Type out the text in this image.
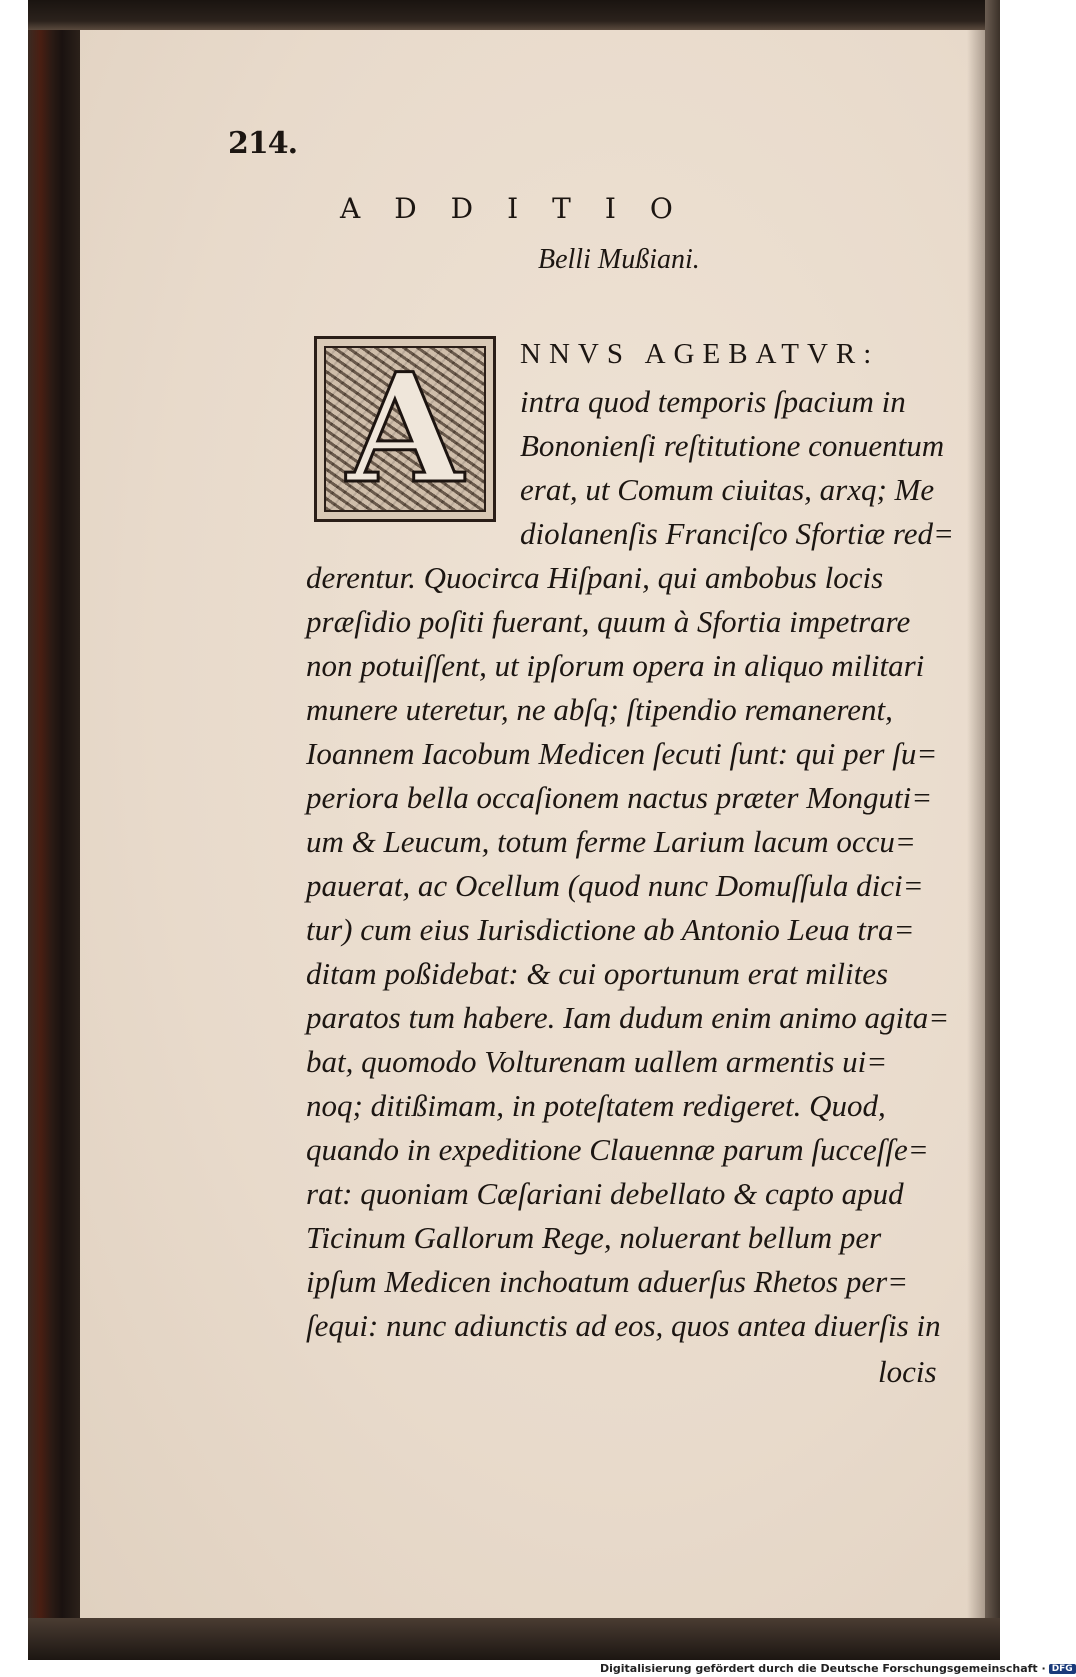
214.
ADDITIO
Belli Mußiani.
A	NNVS AGEBATVR:
intra quod temporis ſpacium in
Bononienſi reſtitutione conuentum
erat, ut Comum ciuitas, arxq; Me
diolanenſis Franciſco Sfortiæ red=
derentur. Quocirca Hiſpani, qui ambobus locis
præſidio poſiti fuerant, quum à Sfortia impetrare
non potuiſſent, ut ipſorum opera in aliquo militari
munere uteretur, ne abſq; ſtipendio remanerent,
Ioannem Iacobum Medicen ſecuti ſunt: qui per ſu=
periora bella occaſionem nactus præter Monguti=
um & Leucum, totum ferme Larium lacum occu=
pauerat, ac Ocellum (quod nunc Domuſſula dici=
tur) cum eius Iurisdictione ab Antonio Leua tra=
ditam poßidebat: & cui oportunum erat milites
paratos tum habere. Iam dudum enim animo agita=
bat, quomodo Volturenam uallem armentis ui=
noq; ditißimam, in poteſtatem redigeret. Quod,
quando in expeditione Clauennæ parum ſucceſſe=
rat: quoniam Cæſariani debellato & capto apud
Ticinum Gallorum Rege, noluerant bellum per
ipſum Medicen inchoatum aduerſus Rhetos per=
ſequi: nunc adiunctis ad eos, quos antea diuerſis in
locis
Digitalisierung gefördert durch die Deutsche Forschungsgemeinschaft · DFG
